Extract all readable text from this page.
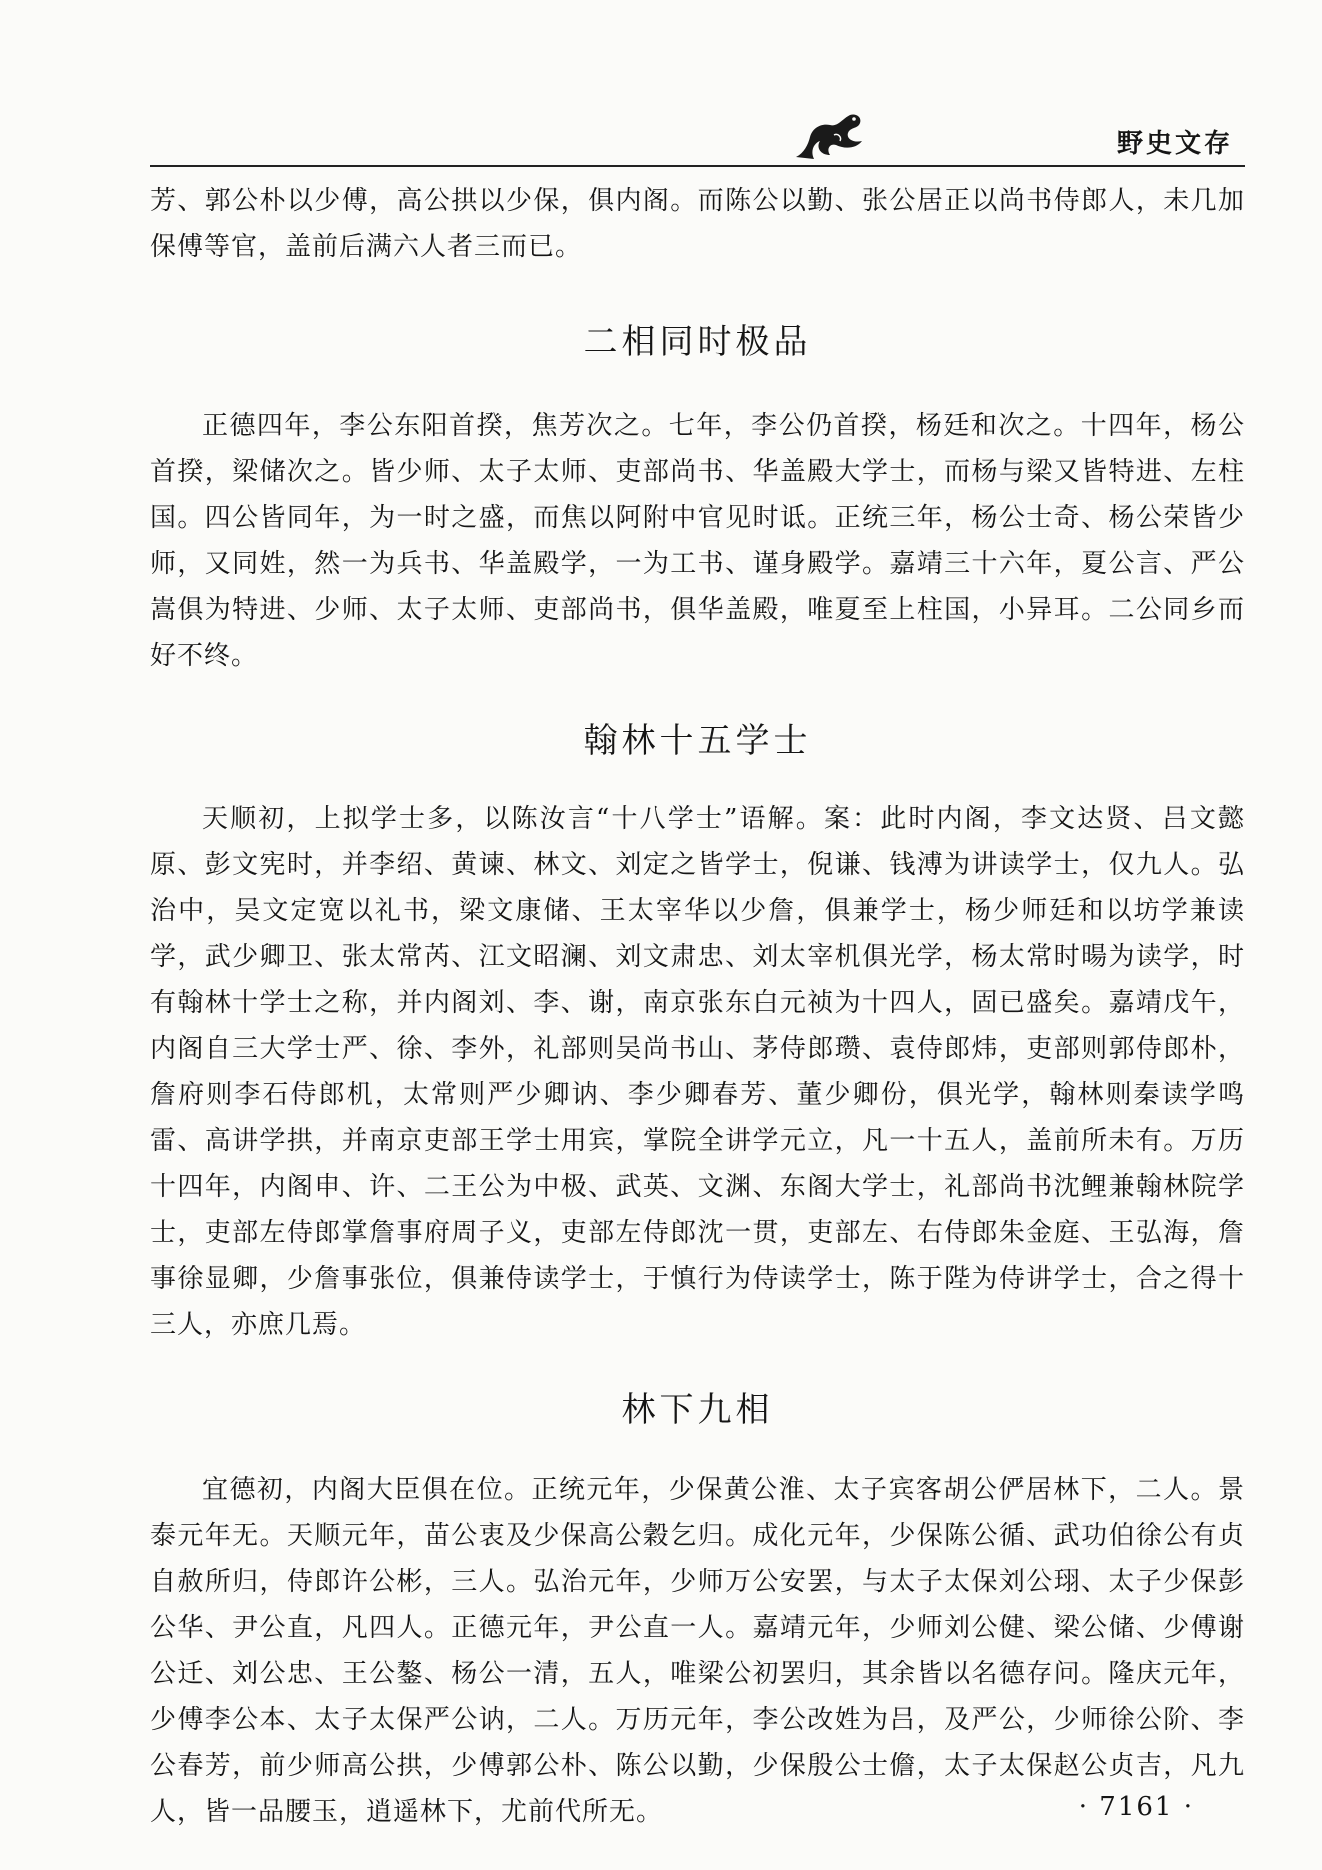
野史文存

芳、郭公朴以少傅，高公拱以少保，俱内阁。而陈公以勤、张公居正以尚书侍郎人，未几加保傅等官，盖前后满六人者三而已。

二相同时极品

正德四年，李公东阳首揆，焦芳次之。七年，李公仍首揆，杨廷和次之。十四年，杨公首揆，梁储次之。皆少师、太子太师、吏部尚书、华盖殿大学士，而杨与梁又皆特进、左柱国。四公皆同年，为一时之盛，而焦以阿附中官见时诋。正统三年，杨公士奇、杨公荣皆少师，又同姓，然一为兵书、华盖殿学，一为工书、谨身殿学。嘉靖三十六年，夏公言、严公嵩俱为特进、少师、太子太师、吏部尚书，俱华盖殿，唯夏至上柱国，小异耳。二公同乡而好不终。

翰林十五学士

天顺初，上拟学士多，以陈汝言“十八学士”语解。案：此时内阁，李文达贤、吕文懿原、彭文宪时，并李绍、黄谏、林文、刘定之皆学士，倪谦、钱溥为讲读学士，仅九人。弘治中，吴文定宽以礼书，梁文康储、王太宰华以少詹，俱兼学士，杨少师廷和以坊学兼读学，武少卿卫、张太常芮、江文昭澜、刘文肃忠、刘太宰机俱光学，杨太常时暘为读学，时有翰林十学士之称，并内阁刘、李、谢，南京张东白元祯为十四人，固已盛矣。嘉靖戊午，内阁自三大学士严、徐、李外，礼部则吴尚书山、茅侍郎瓒、袁侍郎炜，吏部则郭侍郎朴，詹府则李石侍郎机，太常则严少卿讷、李少卿春芳、董少卿份，俱光学，翰林则秦读学鸣雷、高讲学拱，并南京吏部王学士用宾，掌院全讲学元立，凡一十五人，盖前所未有。万历十四年，内阁申、许、二王公为中极、武英、文渊、东阁大学士，礼部尚书沈鲤兼翰林院学士，吏部左侍郎掌詹事府周子义，吏部左侍郎沈一贯，吏部左、右侍郎朱金庭、王弘海，詹事徐显卿，少詹事张位，俱兼侍读学士，于慎行为侍读学士，陈于陛为侍讲学士，合之得十三人，亦庶几焉。

林下九相

宜德初，内阁大臣俱在位。正统元年，少保黄公淮、太子宾客胡公俨居林下，二人。景泰元年无。天顺元年，苗公衷及少保高公穀乞归。成化元年，少保陈公循、武功伯徐公有贞自赦所归，侍郎许公彬，三人。弘治元年，少师万公安罢，与太子太保刘公珝、太子少保彭公华、尹公直，凡四人。正德元年，尹公直一人。嘉靖元年，少师刘公健、梁公储、少傅谢公迁、刘公忠、王公鏊、杨公一清，五人，唯梁公初罢归，其余皆以名德存问。隆庆元年，少傅李公本、太子太保严公讷，二人。万历元年，李公改姓为吕，及严公，少师徐公阶、李公春芳，前少师高公拱，少傅郭公朴、陈公以勤，少保殷公士儋，太子太保赵公贞吉，凡九人，皆一品腰玉，逍遥林下，尤前代所无。	· 7161 ·
